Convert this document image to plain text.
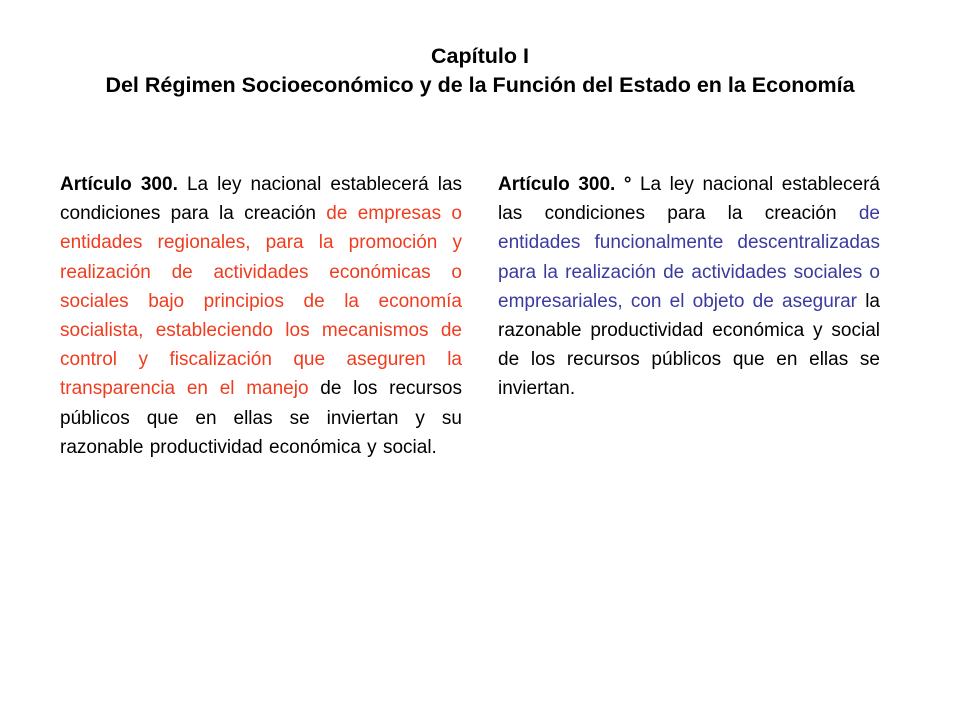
Capítulo I
Del Régimen Socioeconómico y de la Función del Estado en la Economía
Artículo 300. La ley nacional establecerá las condiciones para la creación de empresas o entidades regionales, para la promoción y realización de actividades económicas o sociales bajo principios de la economía socialista, estableciendo los mecanismos de control y fiscalización que aseguren la transparencia en el manejo de los recursos públicos que en ellas se inviertan y su razonable productividad económica y social.
Artículo 300. ° La ley nacional establecerá las condiciones para la creación de entidades funcionalmente descentralizadas para la realización de actividades sociales o empresariales, con el objeto de asegurar la razonable productividad económica y social de los recursos públicos que en ellas se inviertan.
